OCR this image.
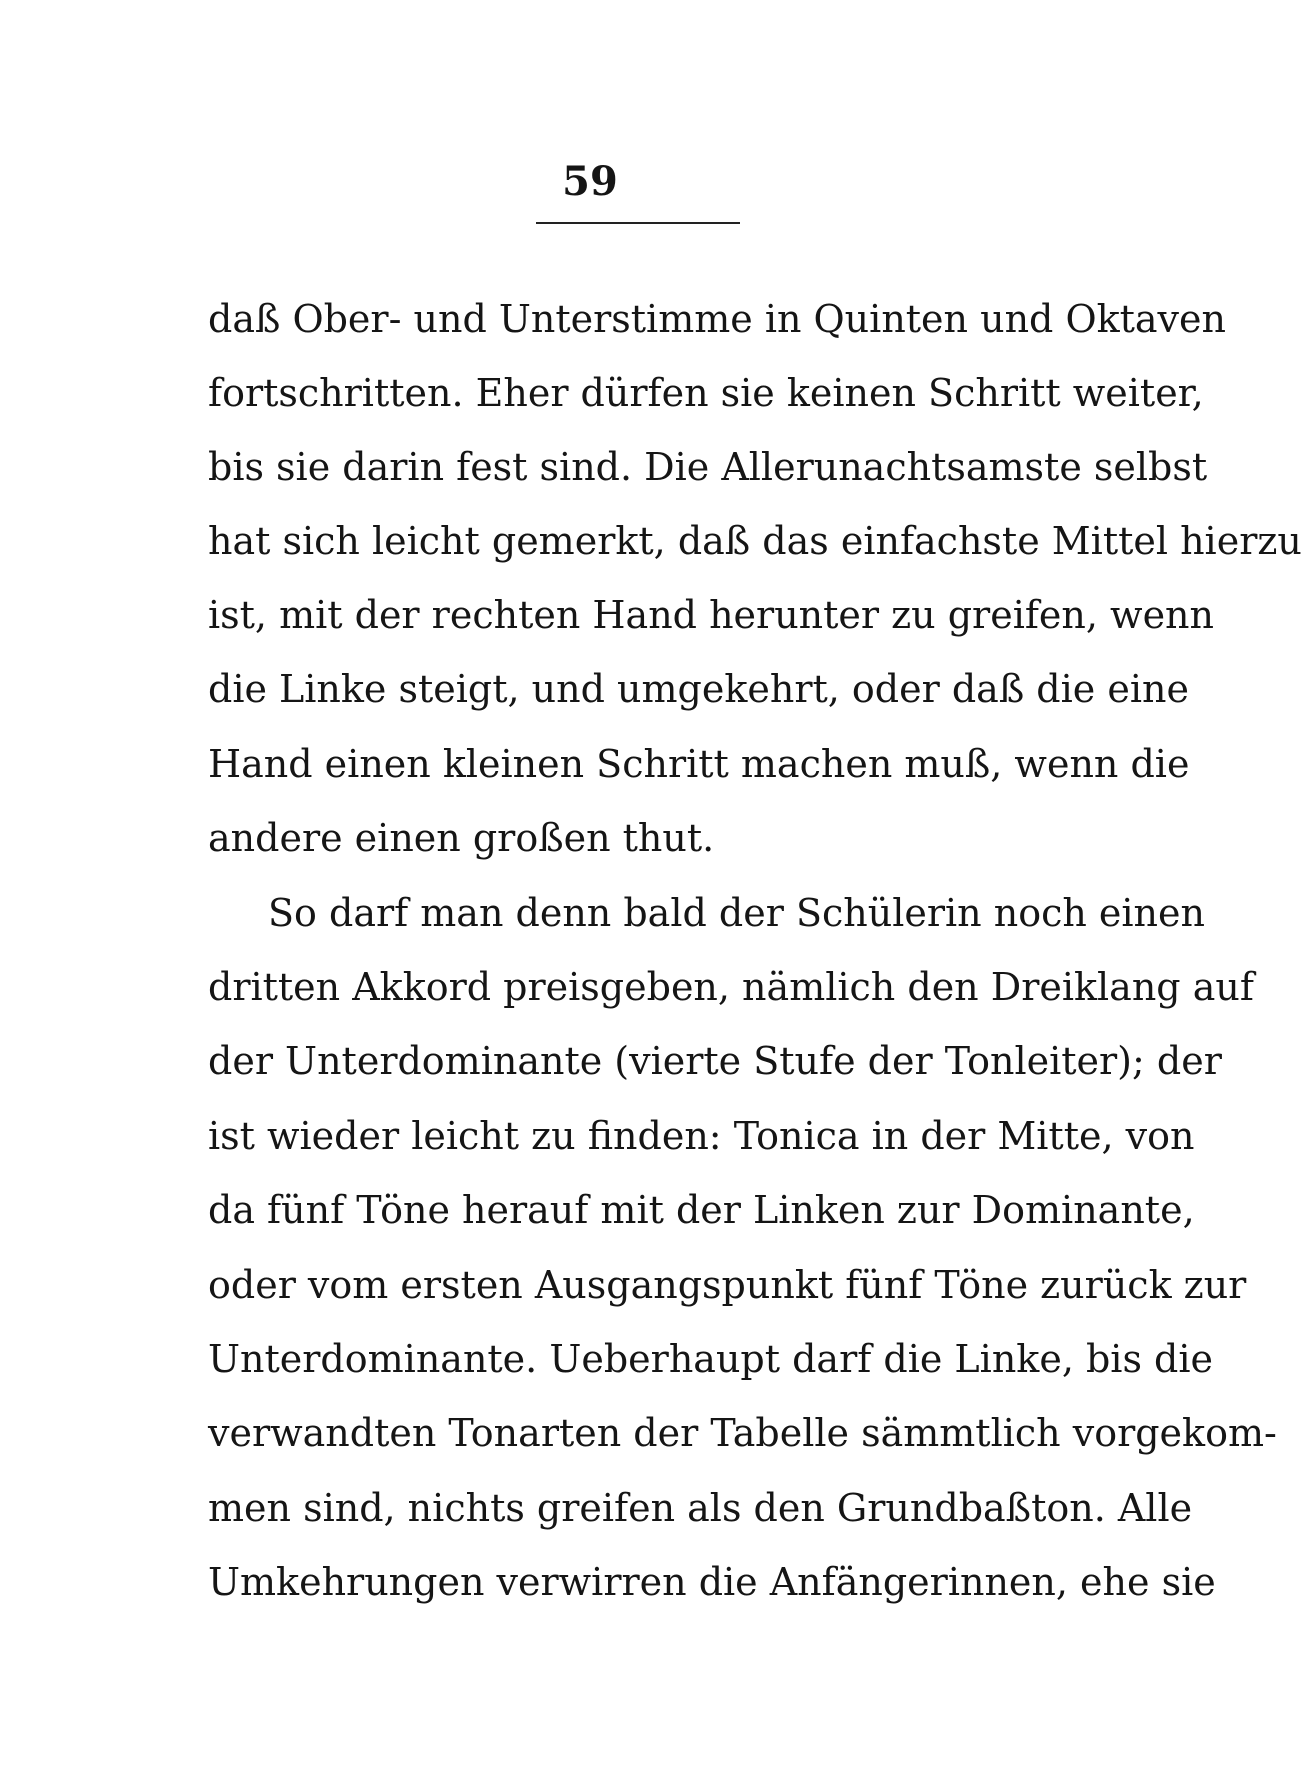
59
daß Ober- und Unterstimme in Quinten und Oktaven
fortschritten. Eher dürfen sie keinen Schritt weiter,
bis sie darin fest sind. Die Allerunachtsamste selbst
hat sich leicht gemerkt, daß das einfachste Mittel hierzu
ist, mit der rechten Hand herunter zu greifen, wenn
die Linke steigt, und umgekehrt, oder daß die eine
Hand einen kleinen Schritt machen muß, wenn die
andere einen großen thut.
So darf man denn bald der Schülerin noch einen
dritten Akkord preisgeben, nämlich den Dreiklang auf
der Unterdominante (vierte Stufe der Tonleiter); der
ist wieder leicht zu finden: Tonica in der Mitte, von
da fünf Töne herauf mit der Linken zur Dominante,
oder vom ersten Ausgangspunkt fünf Töne zurück zur
Unterdominante. Ueberhaupt darf die Linke, bis die
verwandten Tonarten der Tabelle sämmtlich vorgekom-
men sind, nichts greifen als den Grundbaßton. Alle
Umkehrungen verwirren die Anfängerinnen, ehe sie
